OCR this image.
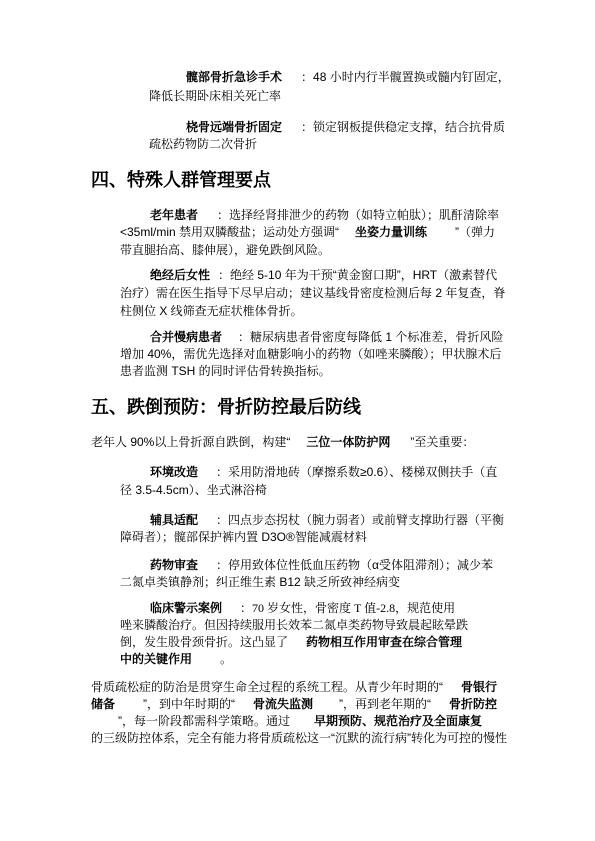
髋部骨折急诊手术 ：48 小时内行半髋置换或髓内钉固定，
降低长期卧床相关死亡率
桡骨远端骨折固定 ：锁定钢板提供稳定支撑，结合抗骨质
疏松药物防二次骨折
四、特殊人群管理要点
老年患者 ：选择经肾排泄少的药物（如特立帕肽）；肌酐清除率
<35ml/min 禁用双膦酸盐；运动处方强调“ 坐姿力量训练 ”（弹力
带直腿抬高、膝伸展），避免跌倒风险。
绝经后女性 ：绝经 5-10 年为干预“黄金窗口期”，HRT（激素替代
治疗）需在医生指导下尽早启动；建议基线骨密度检测后每 2 年复查，脊
柱侧位 X 线筛查无症状椎体骨折。
合并慢病患者 ：糖尿病患者骨密度每降低 1 个标准差，骨折风险
增加 40%，需优先选择对血糖影响小的药物（如唑来膦酸）；甲状腺术后
患者监测 TSH 的同时评估骨转换指标。
五、跌倒预防：骨折防控最后防线
老年人 90%以上骨折源自跌倒，构建“ 三位一体防护网 ”至关重要：
环境改造 ：采用防滑地砖（摩擦系数≥0.6）、楼梯双侧扶手（直
径 3.5-4.5cm）、坐式淋浴椅
辅具适配 ：四点步态拐杖（腕力弱者）或前臂支撑助行器（平衡
障碍者）；髋部保护裤内置 D3O®智能减震材料
药物审查 ：停用致体位性低血压药物（α受体阻滞剂）；减少苯
二氮卓类镇静剂；纠正维生素 B12 缺乏所致神经病变
临床警示案例 ：70 岁女性，骨密度 T 值-2.8，规范使用
唑来膦酸治疗。但因持续服用长效苯二氮卓类药物导致晨起眩晕跌
倒，发生股骨颈骨折。这凸显了 药物相互作用审查在综合管理
中的关键作用 。
骨质疏松症的防治是贯穿生命全过程的系统工程。从青少年时期的“ 骨银行
储备 ”，到中年时期的“ 骨流失监测 ”，再到老年期的“ 骨折防控
”，每一阶段都需科学策略。通过 早期预防、规范治疗及全面康复
的三级防控体系，完全有能力将骨质疏松这一“沉默的流行病”转化为可控的慢性
